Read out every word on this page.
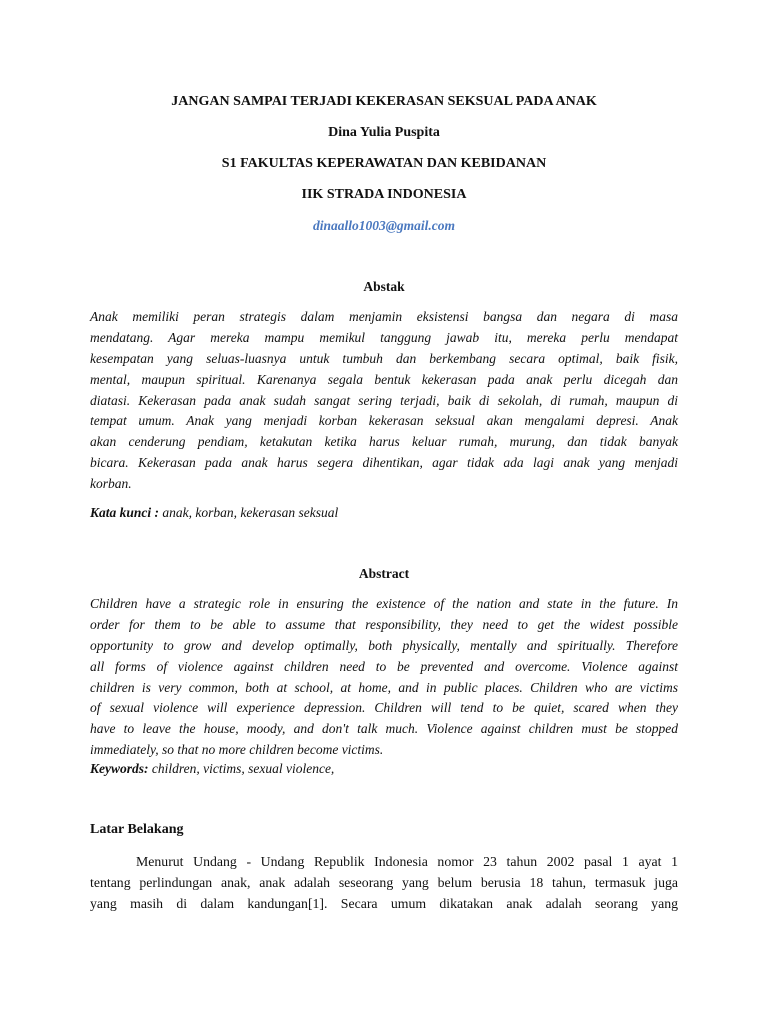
JANGAN SAMPAI TERJADI KEKERASAN SEKSUAL PADA ANAK
Dina Yulia Puspita
S1 FAKULTAS KEPERAWATAN DAN KEBIDANAN
IIK STRADA INDONESIA
dinaallo1003@gmail.com
Abstak
Anak memiliki peran strategis dalam menjamin eksistensi bangsa dan negara di masa
mendatang. Agar mereka mampu memikul tanggung jawab itu, mereka perlu mendapat
kesempatan yang seluas-luasnya untuk tumbuh dan berkembang secara optimal, baik fisik,
mental, maupun spiritual. Karenanya segala bentuk kekerasan pada anak perlu dicegah dan
diatasi. Kekerasan pada anak sudah sangat sering terjadi, baik di sekolah, di rumah, maupun di
tempat umum. Anak yang menjadi korban kekerasan seksual akan mengalami depresi. Anak
akan cenderung pendiam, ketakutan ketika harus keluar rumah, murung, dan tidak banyak
bicara. Kekerasan pada anak harus segera dihentikan, agar tidak ada lagi anak yang menjadi
korban.
Kata kunci : anak, korban, kekerasan seksual
Abstract
Children have a strategic role in ensuring the existence of the nation and state in the future. In
order for them to be able to assume that responsibility, they need to get the widest possible
opportunity to grow and develop optimally, both physically, mentally and spiritually. Therefore
all forms of violence against children need to be prevented and overcome. Violence against
children is very common, both at school, at home, and in public places. Children who are victims
of sexual violence will experience depression. Children will tend to be quiet, scared when they
have to leave the house, moody, and don't talk much. Violence against children must be stopped
immediately, so that no more children become victims.
Keywords: children, victims, sexual violence,
Latar Belakang
Menurut Undang - Undang Republik Indonesia nomor 23 tahun 2002 pasal 1 ayat 1
tentang perlindungan anak, anak adalah seseorang yang belum berusia 18 tahun, termasuk juga
yang masih di dalam kandungan[1]. Secara umum dikatakan anak adalah seorang yang
